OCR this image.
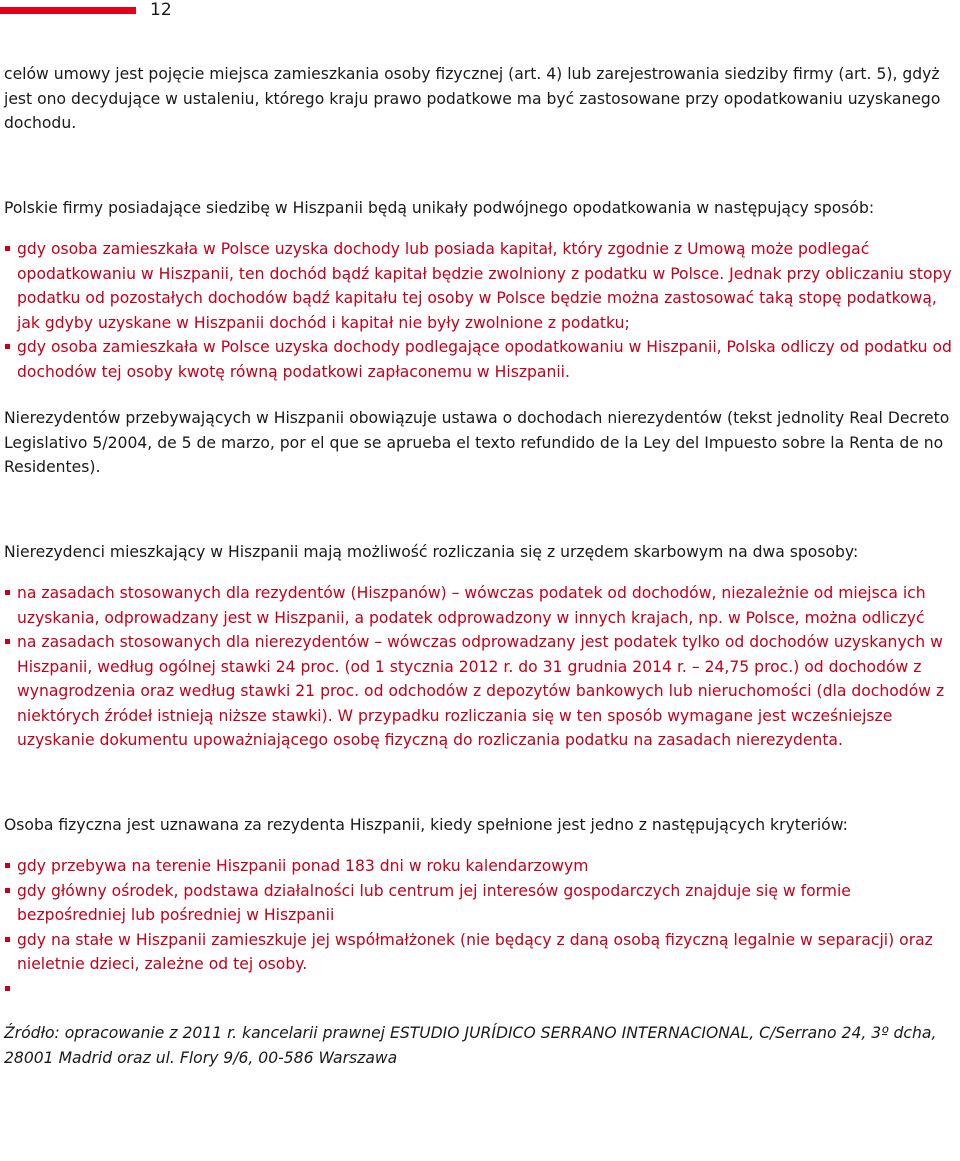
12

celów umowy jest pojęcie miejsca zamieszkania osoby fizycznej (art. 4) lub zarejestrowania siedziby firmy (art. 5), gdyż jest ono decydujące w ustaleniu, którego kraju prawo podatkowe ma być zastosowane przy opodatkowaniu uzyskanego dochodu.

Polskie firmy posiadające siedzibę w Hiszpanii będą unikały podwójnego opodatkowania w następujący sposób:

gdy osoba zamieszkała w Polsce uzyska dochody lub posiada kapitał, który zgodnie z Umową może podlegać opodatkowaniu w Hiszpanii, ten dochód bądź kapitał będzie zwolniony z podatku w Polsce. Jednak przy obliczaniu stopy podatku od pozostałych dochodów bądź kapitału tej osoby w Polsce będzie można zastosować taką stopę podatkową, jak gdyby uzyskane w Hiszpanii dochód i kapitał nie były zwolnione z podatku;
gdy osoba zamieszkała w Polsce uzyska dochody podlegające opodatkowaniu w Hiszpanii, Polska odliczy od podatku od dochodów tej osoby kwotę równą podatkowi zapłaconemu w Hiszpanii.

Nierezydentów przebywających w Hiszpanii obowiązuje ustawa o dochodach nierezydentów (tekst jednolity Real Decreto Legislativo 5/2004, de 5 de marzo, por el que se aprueba el texto refundido de la Ley del Impuesto sobre la Renta de no Residentes).

Nierezydenci mieszkający w Hiszpanii mają możliwość rozliczania się z urzędem skarbowym na dwa sposoby:

na zasadach stosowanych dla rezydentów (Hiszpanów) – wówczas podatek od dochodów, niezależnie od miejsca ich uzyskania, odprowadzany jest w Hiszpanii, a podatek odprowadzony w innych krajach, np. w Polsce, można odliczyć
na zasadach stosowanych dla nierezydentów – wówczas odprowadzany jest podatek tylko od dochodów uzyskanych w Hiszpanii, według ogólnej stawki 24 proc. (od 1 stycznia 2012 r. do 31 grudnia 2014 r. – 24,75 proc.) od dochodów z wynagrodzenia oraz według stawki 21 proc. od odchodów z depozytów bankowych lub nieruchomości (dla dochodów z niektórych źródeł istnieją niższe stawki). W przypadku rozliczania się w ten sposób wymagane jest wcześniejsze uzyskanie dokumentu upoważniającego osobę fizyczną do rozliczania podatku na zasadach nierezydenta.

Osoba fizyczna jest uznawana za rezydenta Hiszpanii, kiedy spełnione jest jedno z następujących kryteriów:

gdy przebywa na terenie Hiszpanii ponad 183 dni w roku kalendarzowym
gdy główny ośrodek, podstawa działalności lub centrum jej interesów gospodarczych znajduje się w formie bezpośredniej lub pośredniej w Hiszpanii
gdy na stałe w Hiszpanii zamieszkuje jej współmałżonek (nie będący z daną osobą fizyczną legalnie w separacji) oraz nieletnie dzieci, zależne od tej osoby.

Źródło: opracowanie z 2011 r. kancelarii prawnej ESTUDIO JURÍDICO SERRANO INTERNACIONAL, C/Serrano 24, 3º dcha, 28001 Madrid oraz ul. Flory 9/6, 00-586 Warszawa
